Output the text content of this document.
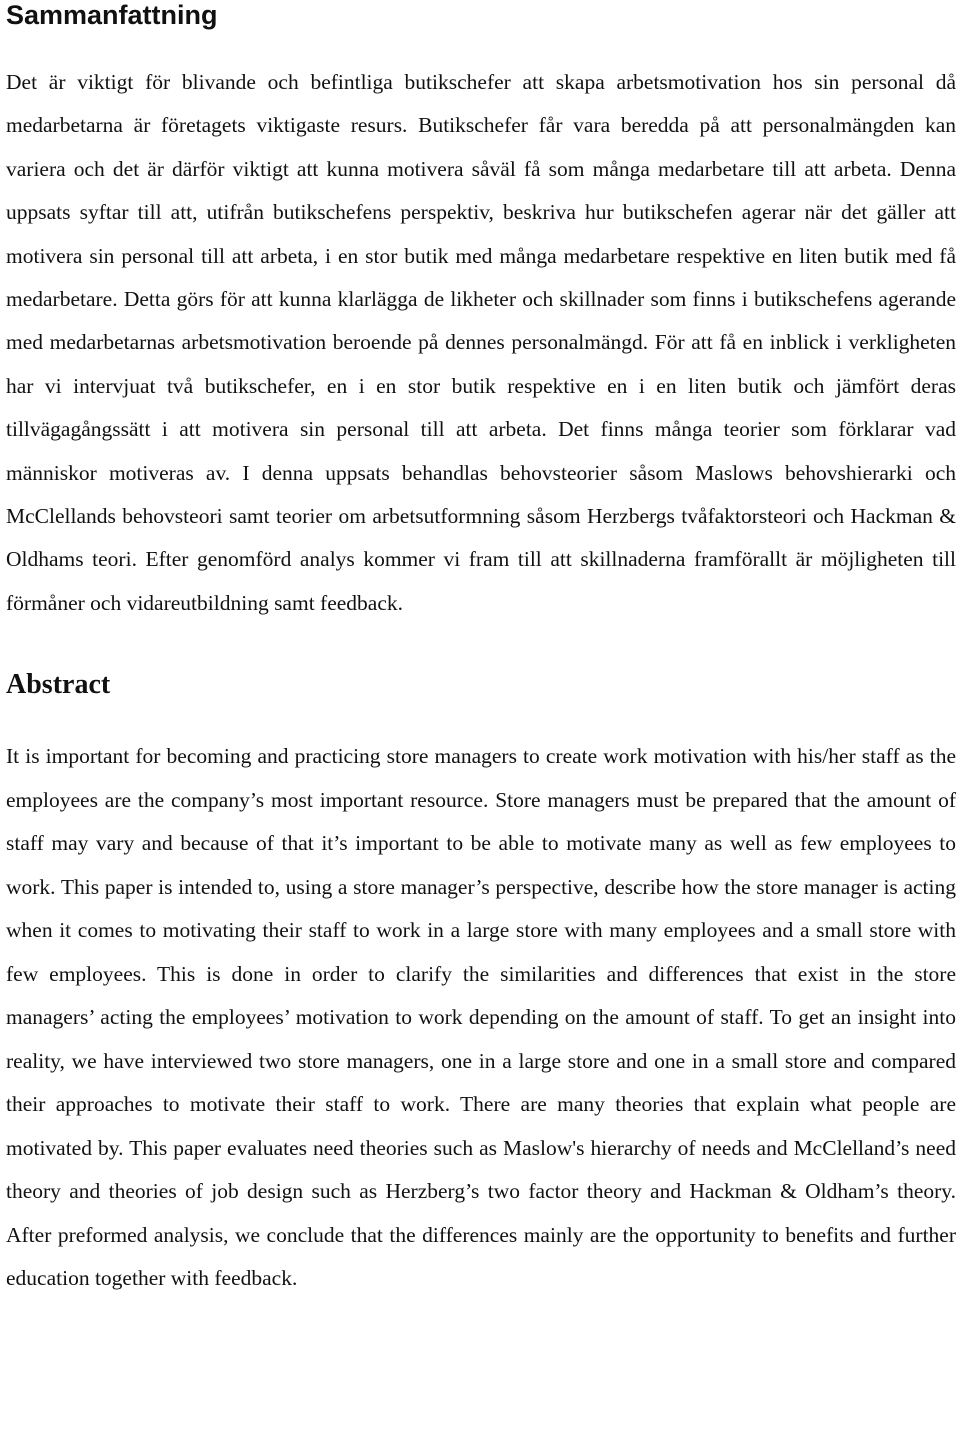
Sammanfattning

Det är viktigt för blivande och befintliga butikschefer att skapa arbetsmotivation hos sin personal då medarbetarna är företagets viktigaste resurs. Butikschefer får vara beredda på att personalmängden kan variera och det är därför viktigt att kunna motivera såväl få som många medarbetare till att arbeta. Denna uppsats syftar till att, utifrån butikschefens perspektiv, beskriva hur butikschefen agerar när det gäller att motivera sin personal till att arbeta, i en stor butik med många medarbetare respektive en liten butik med få medarbetare. Detta görs för att kunna klarlägga de likheter och skillnader som finns i butikschefens agerande med medarbetarnas arbetsmotivation beroende på dennes personalmängd. För att få en inblick i verkligheten har vi intervjuat två butikschefer, en i en stor butik respektive en i en liten butik och jämfört deras tillvägagångssätt i att motivera sin personal till att arbeta. Det finns många teorier som förklarar vad människor motiveras av. I denna uppsats behandlas behovsteorier såsom Maslows behovshierarki och McClellands behovsteori samt teorier om arbetsutformning såsom Herzbergs tvåfaktorsteori och Hackman & Oldhams teori. Efter genomförd analys kommer vi fram till att skillnaderna framförallt är möjligheten till förmåner och vidareutbildning samt feedback.

Abstract

It is important for becoming and practicing store managers to create work motivation with his/her staff as the employees are the company’s most important resource. Store managers must be prepared that the amount of staff may vary and because of that it’s important to be able to motivate many as well as few employees to work. This paper is intended to, using a store manager’s perspective, describe how the store manager is acting when it comes to motivating their staff to work in a large store with many employees and a small store with few employees. This is done in order to clarify the similarities and differences that exist in the store managers’ acting the employees’ motivation to work depending on the amount of staff. To get an insight into reality, we have interviewed two store managers, one in a large store and one in a small store and compared their approaches to motivate their staff to work. There are many theories that explain what people are motivated by. This paper evaluates need theories such as Maslow's hierarchy of needs and McClelland’s need theory and theories of job design such as Herzberg’s two factor theory and Hackman & Oldham’s theory. After preformed analysis, we conclude that the differences mainly are the opportunity to benefits and further education together with feedback.
